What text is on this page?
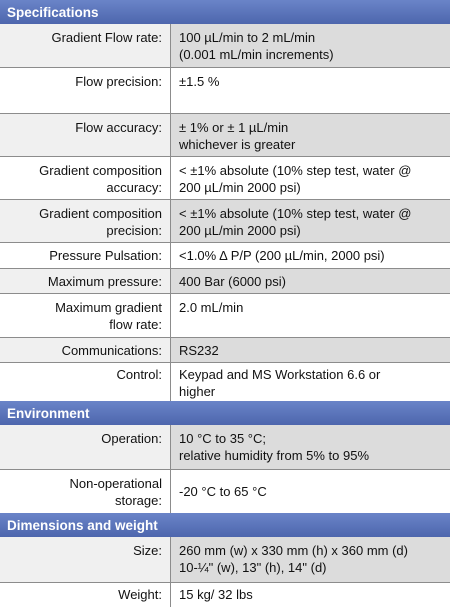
Specifications
Gradient Flow rate: 100 µL/min to 2 mL/min
(0.001 mL/min increments)
Flow precision: ±1.5 %
Flow accuracy: ± 1% or ± 1 µL/min
whichever is greater
Gradient composition
accuracy:
< ±1% absolute (10% step test, water @
200 µL/min 2000 psi)
Gradient composition
precision:
< ±1% absolute (10% step test, water @
200 µL/min 2000 psi)
Pressure Pulsation: <1.0% Δ P/P (200 µL/min, 2000 psi)
Maximum pressure: 400 Bar (6000 psi)
Maximum gradient
flow rate:
2.0 mL/min
Communications: RS232
Control: Keypad and MS Workstation 6.6 or
higher
Environment
Operation: 10 °C to 35 °C;
relative humidity from 5% to 95%
Non-operational
storage:
-20 °C to 65 °C
Dimensions and weight
Size: 260 mm (w) x 330 mm (h) x 360 mm (d)
10-¼" (w), 13" (h), 14" (d)
Weight: 15 kg/ 32 lbs
